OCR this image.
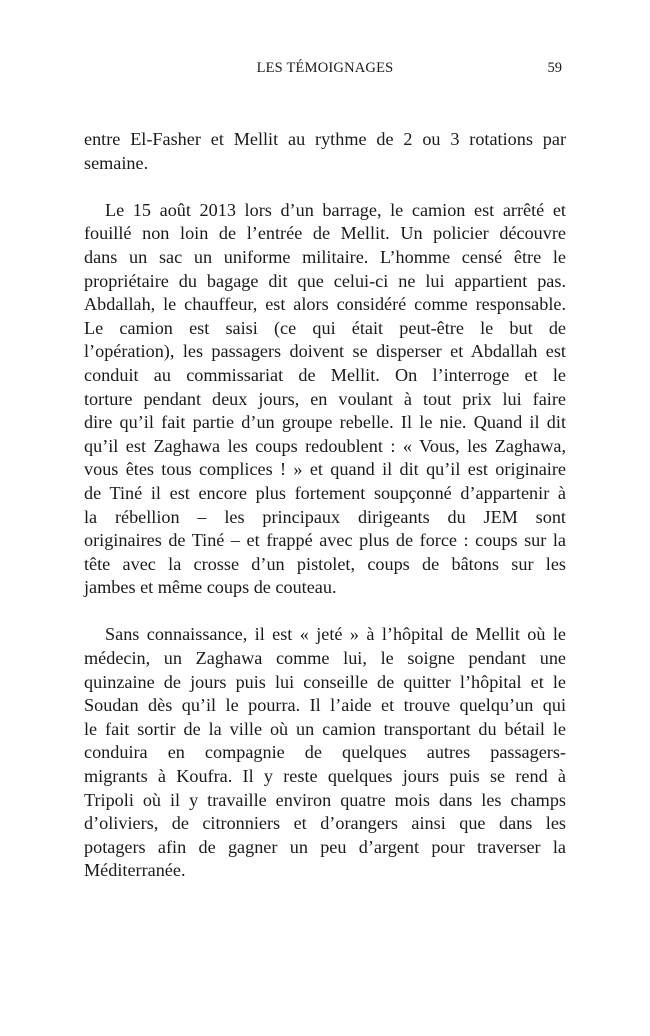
LES TÉMOIGNAGES	59
entre El-Fasher et Mellit au rythme de 2 ou 3 rotations par
semaine.
Le 15 août 2013 lors d’un barrage, le camion est arrêté et
fouillé non loin de l’entrée de Mellit. Un policier découvre
dans un sac un uniforme militaire. L’homme censé être le
propriétaire du bagage dit que celui-ci ne lui appartient pas.
Abdallah, le chauffeur, est alors considéré comme responsable.
Le camion est saisi (ce qui était peut-être le but de
l’opération), les passagers doivent se disperser et Abdallah est
conduit au commissariat de Mellit. On l’interroge et le
torture pendant deux jours, en voulant à tout prix lui faire
dire qu’il fait partie d’un groupe rebelle. Il le nie. Quand il dit
qu’il est Zaghawa les coups redoublent : « Vous, les Zaghawa,
vous êtes tous complices ! » et quand il dit qu’il est originaire
de Tiné il est encore plus fortement soupçonné d’appartenir à
la rébellion – les principaux dirigeants du JEM sont
originaires de Tiné – et frappé avec plus de force : coups sur la
tête avec la crosse d’un pistolet, coups de bâtons sur les
jambes et même coups de couteau.
Sans connaissance, il est « jeté » à l’hôpital de Mellit où le
médecin, un Zaghawa comme lui, le soigne pendant une
quinzaine de jours puis lui conseille de quitter l’hôpital et le
Soudan dès qu’il le pourra. Il l’aide et trouve quelqu’un qui
le fait sortir de la ville où un camion transportant du bétail le
conduira en compagnie de quelques autres passagers-
migrants à Koufra. Il y reste quelques jours puis se rend à
Tripoli où il y travaille environ quatre mois dans les champs
d’oliviers, de citronniers et d’orangers ainsi que dans les
potagers afin de gagner un peu d’argent pour traverser la
Méditerranée.
